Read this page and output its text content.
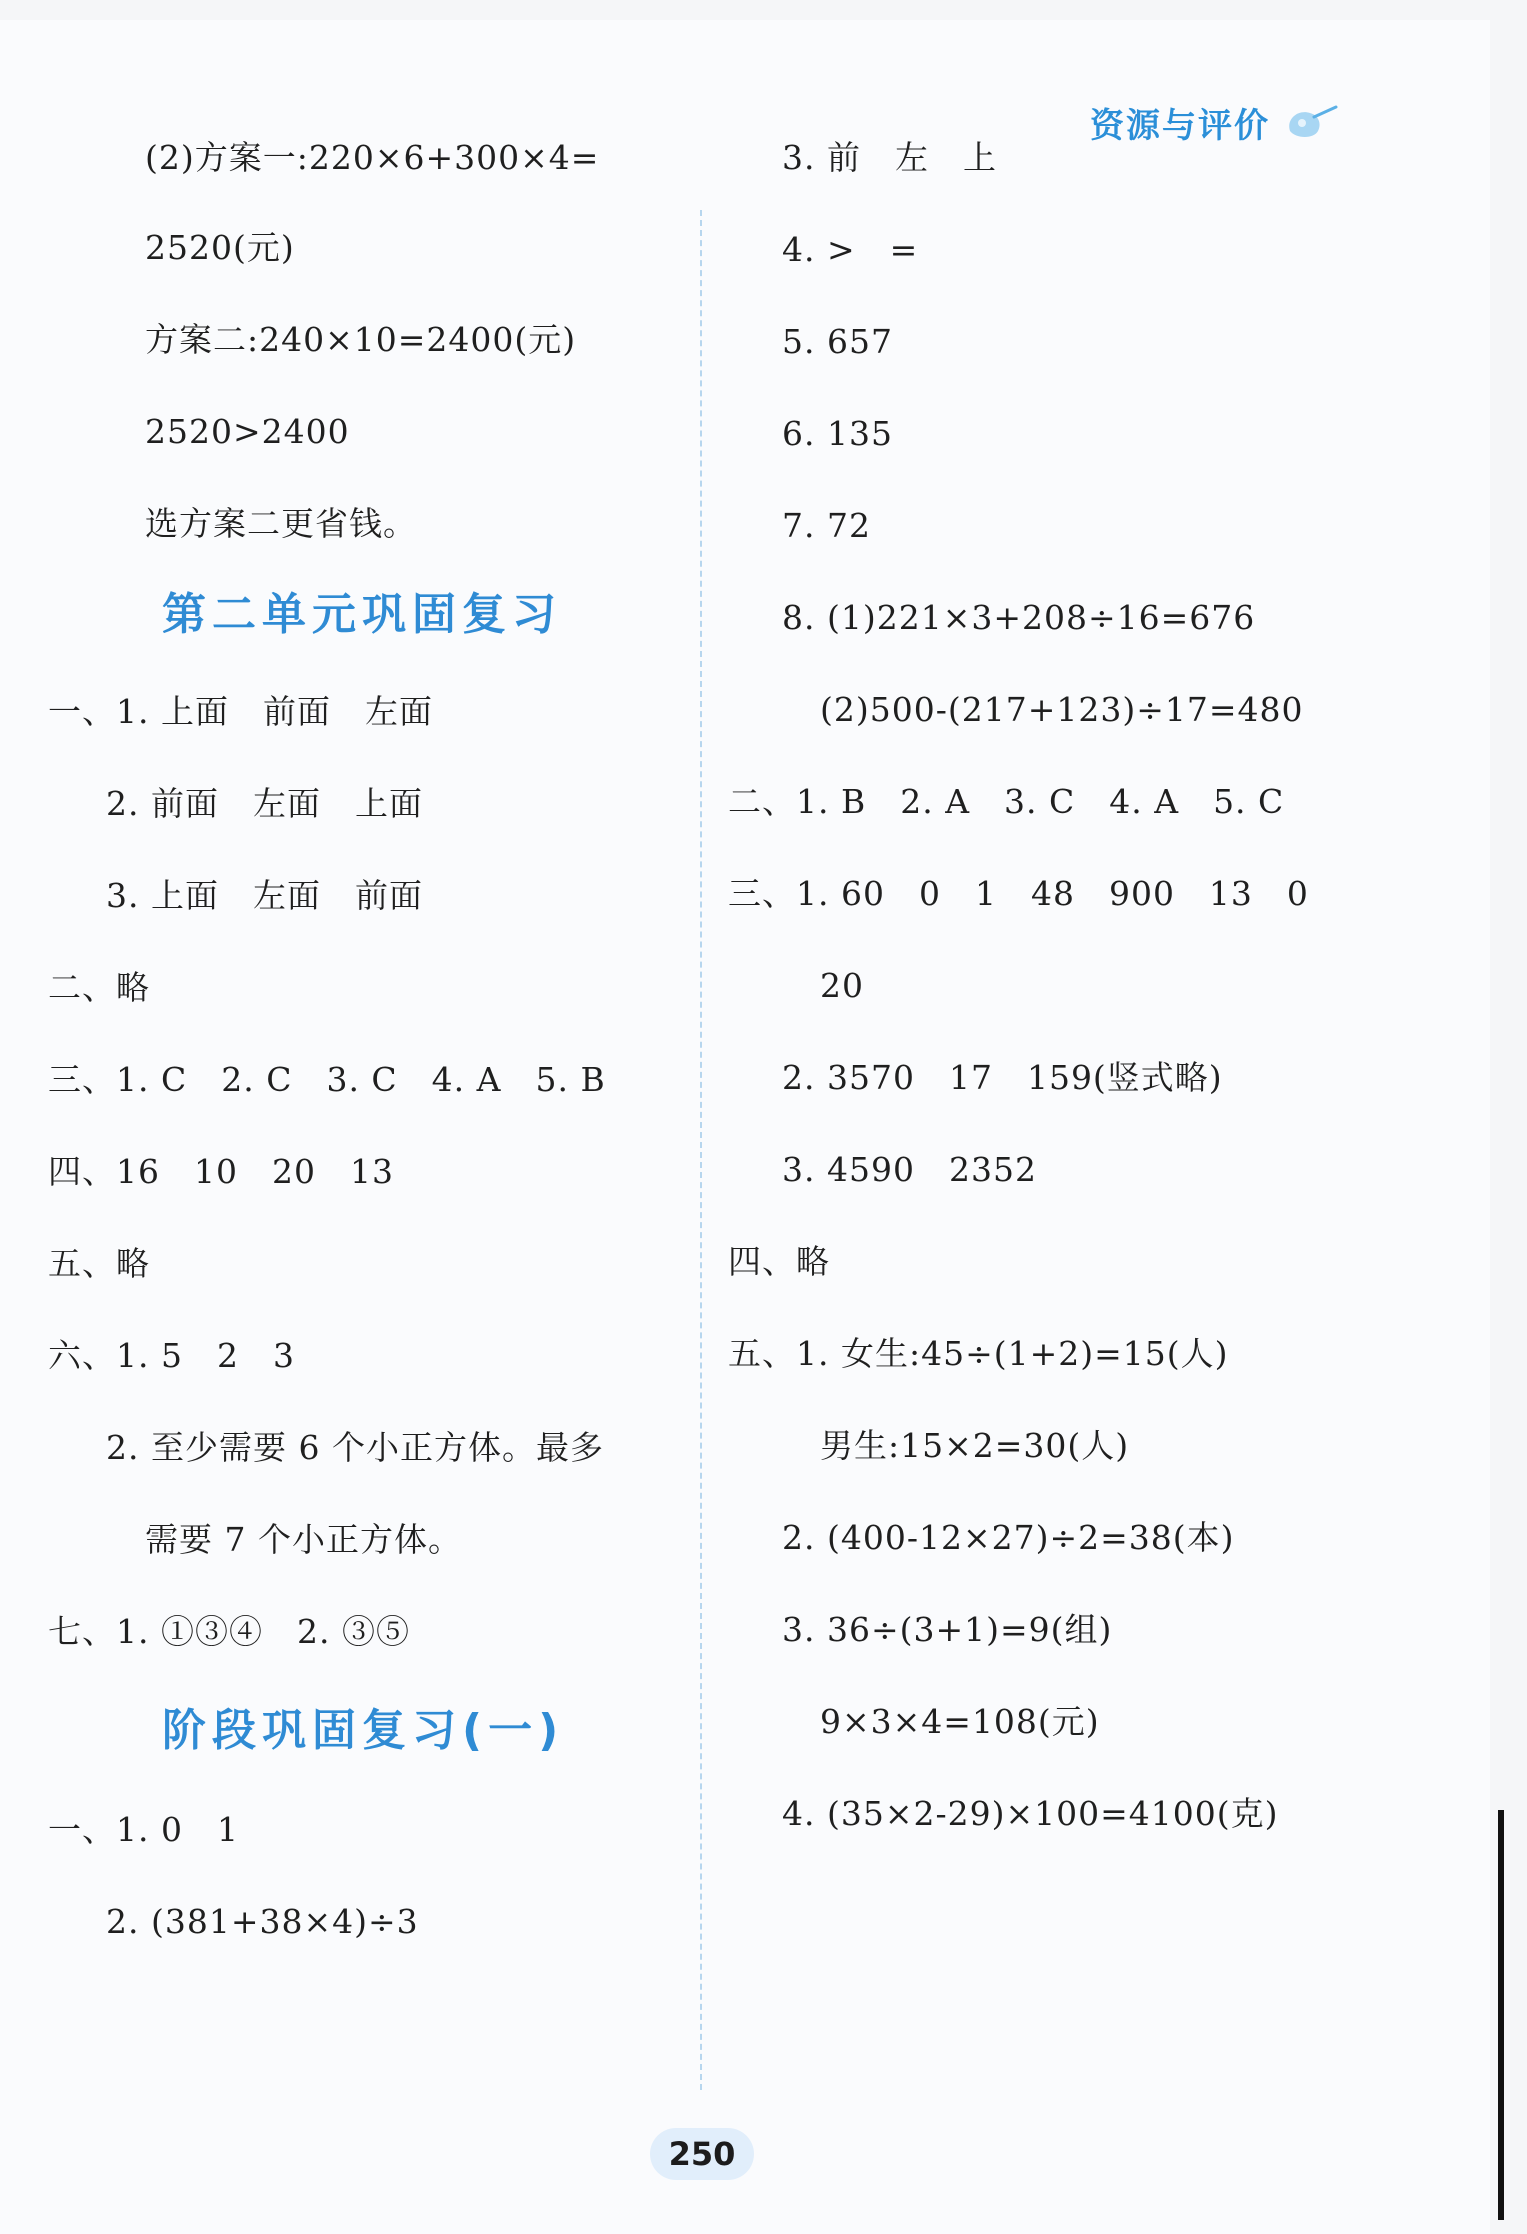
资源与评价
(2)方案一:220×6+300×4=
2520(元)
方案二:240×10=2400(元)
2520>2400
选方案二更省钱。
第二单元巩固复习
一、1. 上面　前面　左面
2. 前面　左面　上面
3. 上面　左面　前面
二、略
三、1. C　2. C　3. C　4. A　5. B
四、16　10　20　13
五、略
六、1. 5　2　3
2. 至少需要 6 个小正方体。最多
需要 7 个小正方体。
七、1. ①③④　2. ③⑤
阶段巩固复习(一)
一、1. 0　1
2. (381+38×4)÷3
3. 前　左　上
4. >　=
5. 657
6. 135
7. 72
8. (1)221×3+208÷16=676
(2)500-(217+123)÷17=480
二、1. B　2. A　3. C　4. A　5. C
三、1. 60　0　1　48　900　13　0
20
2. 3570　17　159(竖式略)
3. 4590　2352
四、略
五、1. 女生:45÷(1+2)=15(人)
男生:15×2=30(人)
2. (400-12×27)÷2=38(本)
3. 36÷(3+1)=9(组)
9×3×4=108(元)
4. (35×2-29)×100=4100(克)
250
